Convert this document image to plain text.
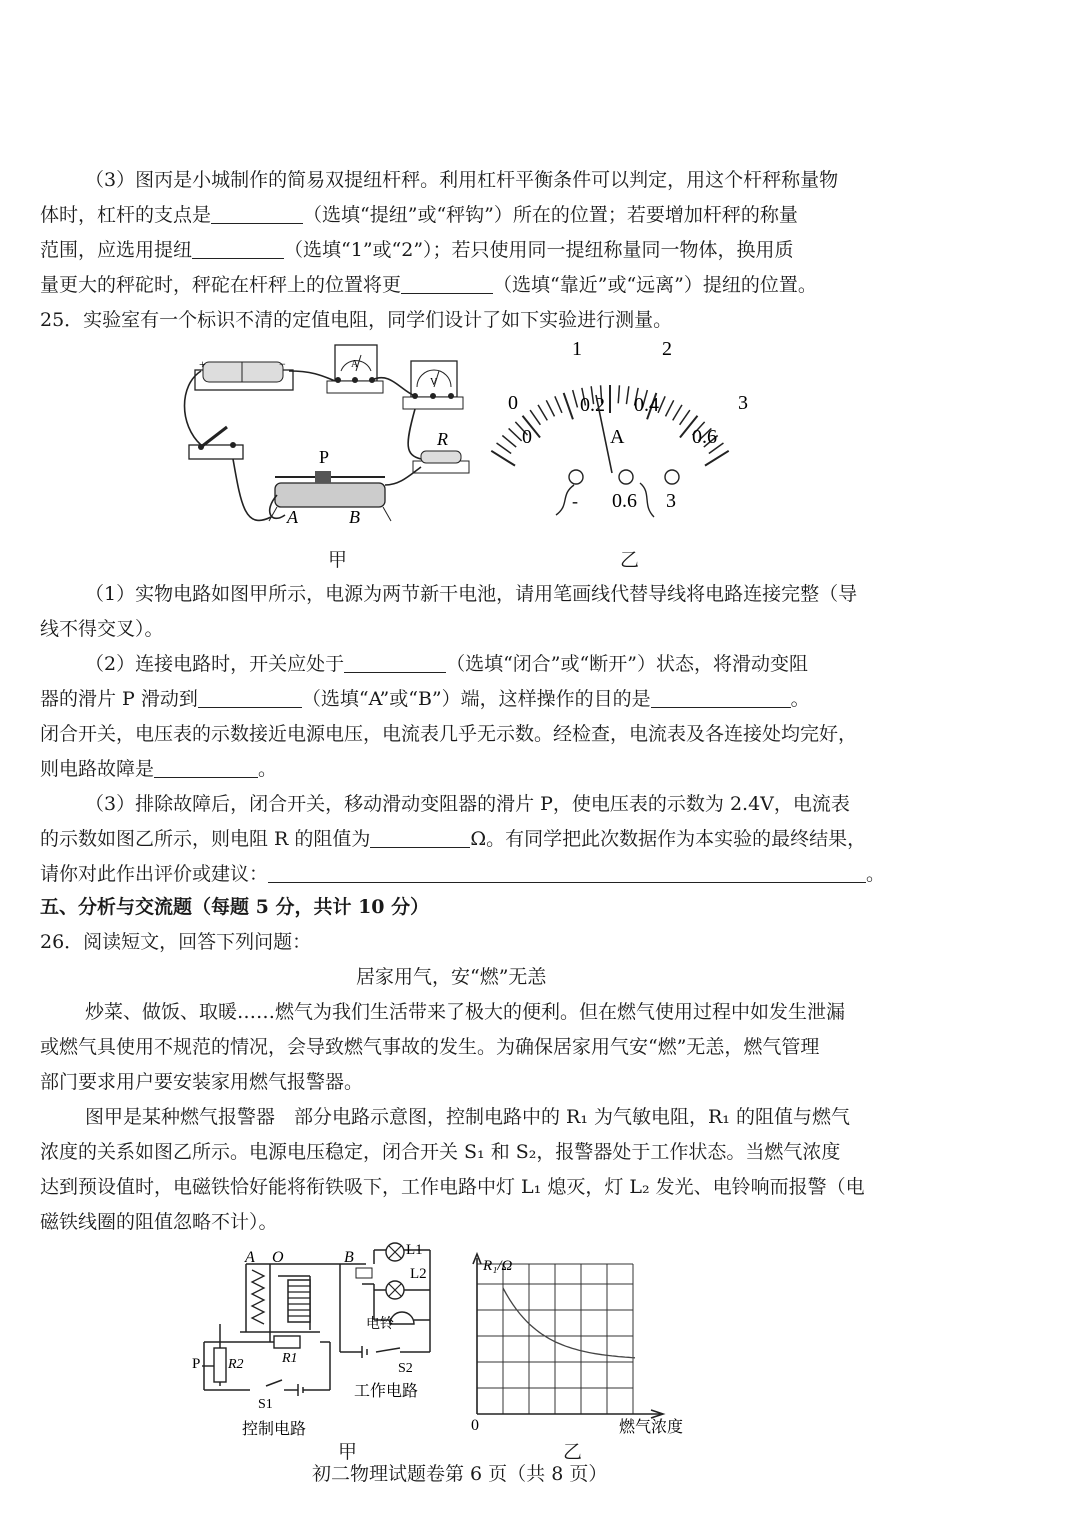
（3）图丙是小城制作的简易双提纽杆秤。利用杠杆平衡条件可以判定，用这个杆秤称量物
体时，杠杆的支点是	（选填“提纽”或“秤钩”）所在的位置；若要增加杆秤的称量
范围，应选用提纽	（选填“1”或“2”）；若只使用同一提纽称量同一物体，换用质
量更大的秤砣时，秤砣在杆秤上的位置将更	（选填“靠近”或“远离”）提纽的位置。
25．实验室有一个标识不清的定值电阻，同学们设计了如下实验进行测量。
+	−	A
V
R
P
A	B
甲
0
1	2
3
0
0.2 0.4
0.6
A
- 0.6 3
乙
（1）实物电路如图甲所示，电源为两节新干电池，请用笔画线代替导线将电路连接完整（导
线不得交叉）。
（2）连接电路时，开关应处于	（选填“闭合”或“断开”）状态，将滑动变阻
器的滑片 P 滑动到	（选填“A”或“B”）端，这样操作的目的是	。
闭合开关，电压表的示数接近电源电压，电流表几乎无示数。经检查，电流表及各连接处均完好，
则电路故障是	。
（3）排除故障后，闭合开关，移动滑动变阻器的滑片 P，使电压表的示数为 2.4V，电流表
的示数如图乙所示，则电阻 R 的阻值为	Ω。有同学把此次数据作为本实验的最终结果，
请你对此作出评价或建议：	。
五、分析与交流题（每题 5 分，共计 10 分）
26．阅读短文，回答下列问题：
居家用气，安“燃”无恙
炒菜、做饭、取暖……燃气为我们生活带来了极大的便利。但在燃气使用过程中如发生泄漏
或燃气具使用不规范的情况，会导致燃气事故的发生。为确保居家用气安“燃”无恙，燃气管理
部门要求用户要安装家用燃气报警器。
图甲是某种燃气报警器　部分电路示意图，控制电路中的 R₁ 为气敏电阻，R₁ 的阻值与燃气
浓度的关系如图乙所示。电源电压稳定，闭合开关 S₁ 和 S₂，报警器处于工作状态。当燃气浓度
达到预设值时，电磁铁恰好能将衔铁吸下，工作电路中灯 L₁ 熄灭，灯 L₂ 发光、电铃响而报警（电
磁铁线圈的阻值忽略不计）。
A O	B	L1
L2
电铃
R1
R2
P
S1
S2
控制电路
工作电路
甲
R₁/Ω
燃气浓度
0
乙
初二物理试题卷第 6 页（共 8 页）
